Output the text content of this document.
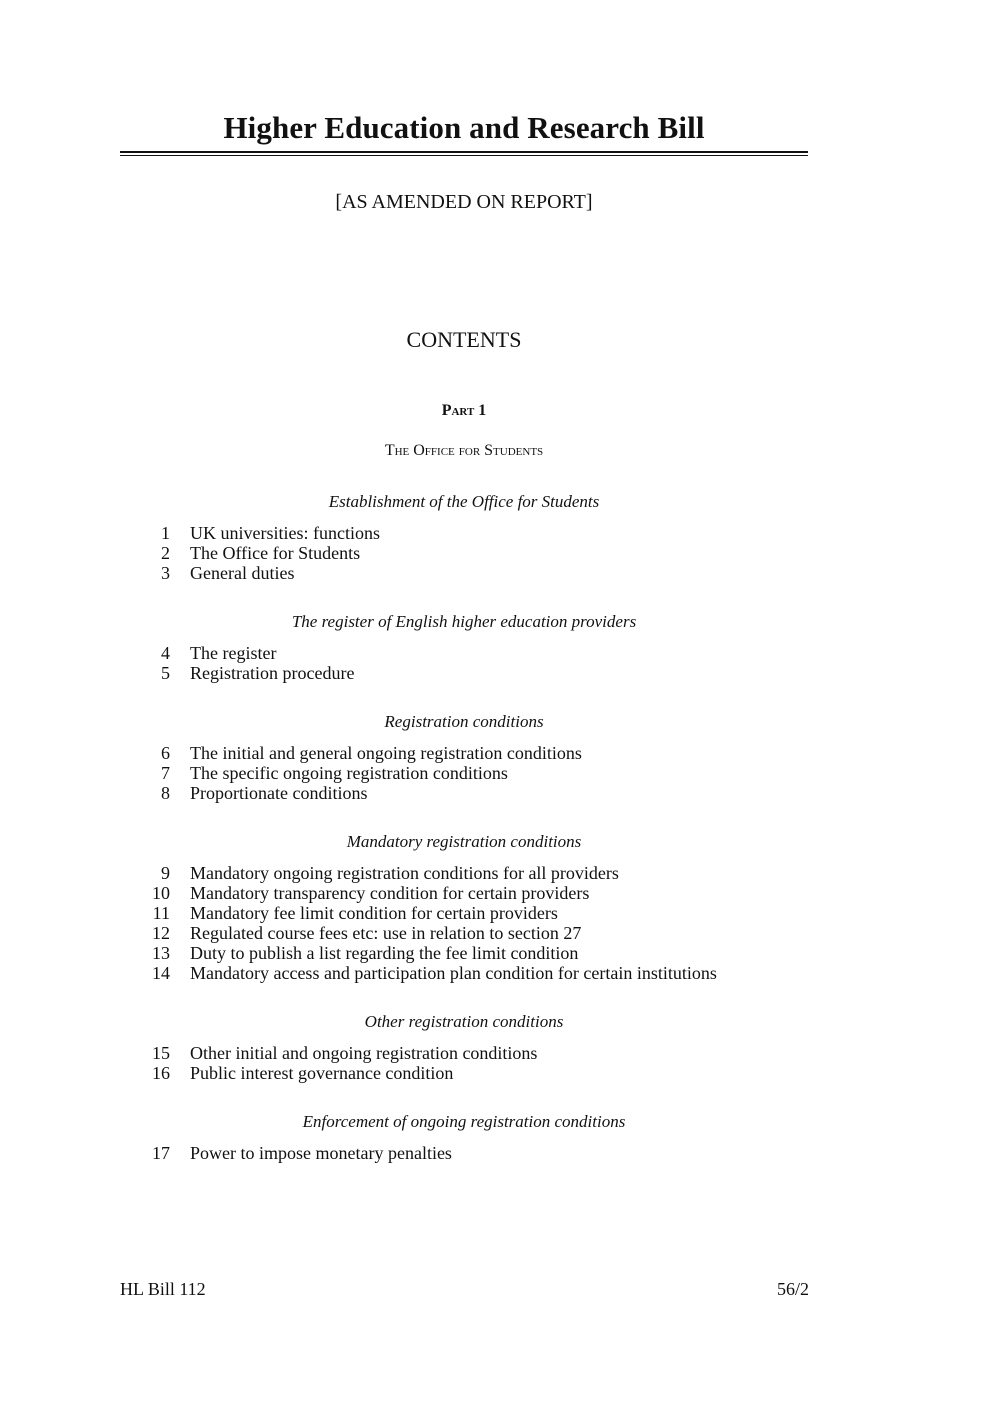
Higher Education and Research Bill
[AS AMENDED ON REPORT]
CONTENTS
Part 1
The Office for Students
Establishment of the Office for Students
1 UK universities: functions
2 The Office for Students
3 General duties
The register of English higher education providers
4 The register
5 Registration procedure
Registration conditions
6 The initial and general ongoing registration conditions
7 The specific ongoing registration conditions
8 Proportionate conditions
Mandatory registration conditions
9 Mandatory ongoing registration conditions for all providers
10 Mandatory transparency condition for certain providers
11 Mandatory fee limit condition for certain providers
12 Regulated course fees etc: use in relation to section 27
13 Duty to publish a list regarding the fee limit condition
14 Mandatory access and participation plan condition for certain institutions
Other registration conditions
15 Other initial and ongoing registration conditions
16 Public interest governance condition
Enforcement of ongoing registration conditions
17 Power to impose monetary penalties
HL Bill 112	56/2
